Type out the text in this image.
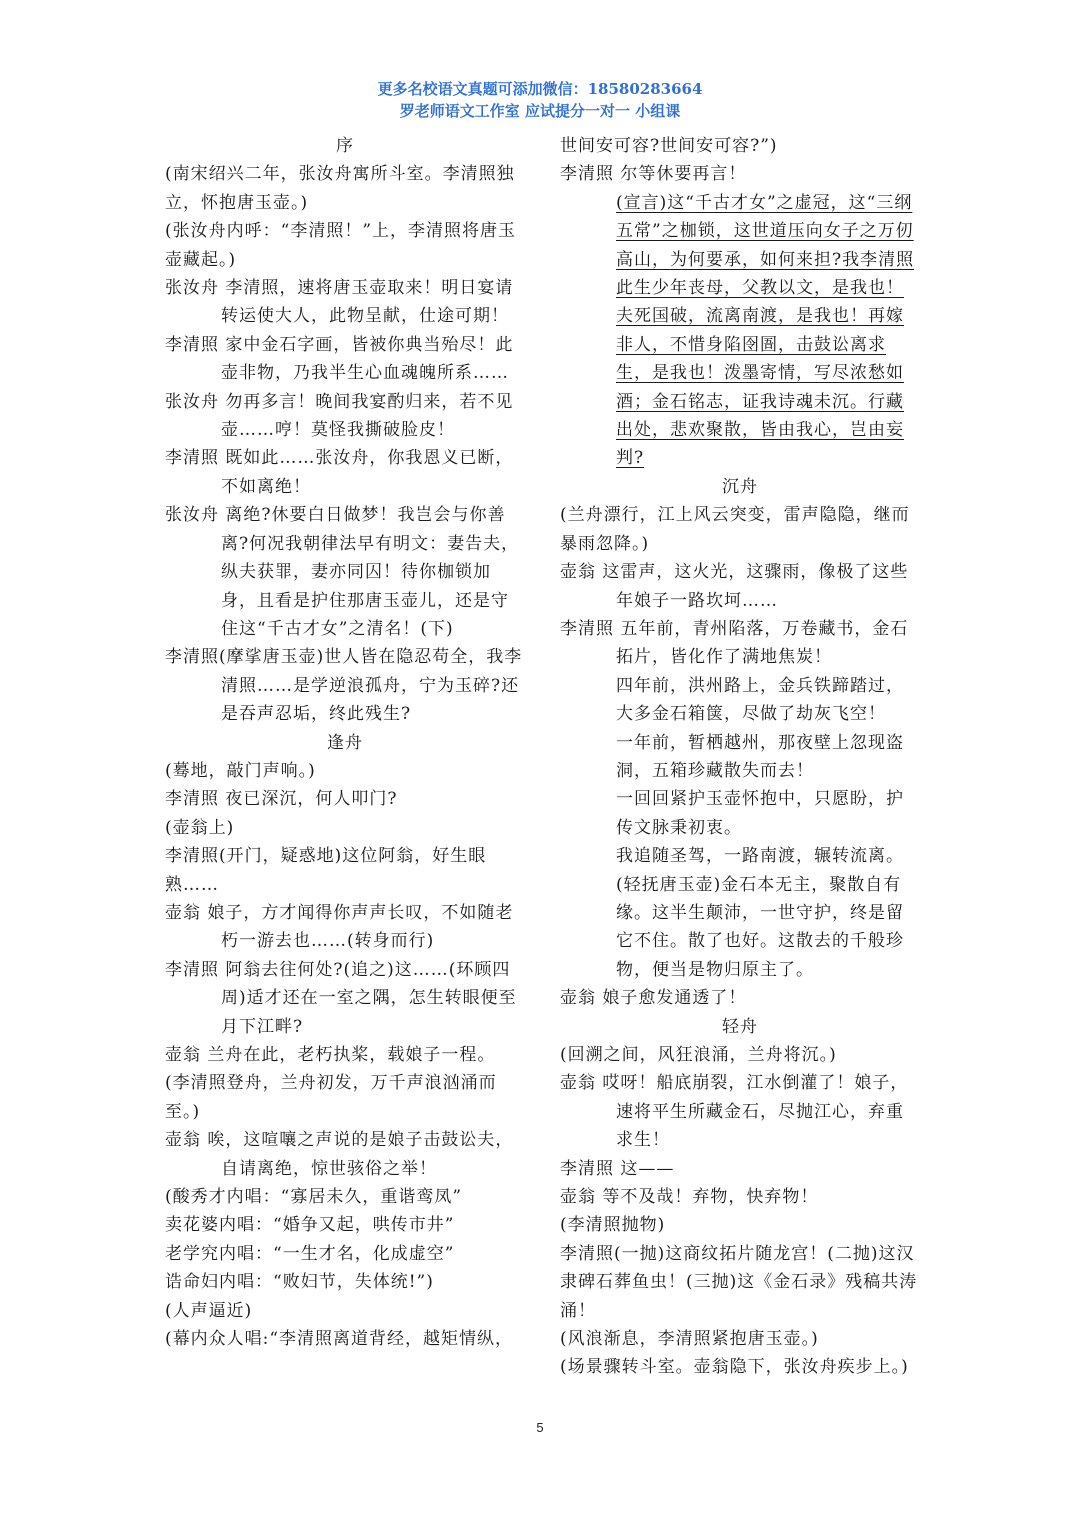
更多名校语文真题可添加微信：18580283664
罗老师语文工作室 应试提分一对一 小组课

序

(南宋绍兴二年，张汝舟寓所斗室。李清照独立，怀抱唐玉壶。)

(张汝舟内呼：“李清照！”上，李清照将唐玉壶藏起。)

张汝舟 李清照，速将唐玉壶取来！明日宴请转运使大人，此物呈献，仕途可期！

李清照 家中金石字画，皆被你典当殆尽！此壶非物，乃我半生心血魂魄所系……

张汝舟 勿再多言！晚间我宴酌归来，若不见壶……哼！莫怪我撕破脸皮！

李清照 既如此……张汝舟，你我恩义已断，不如离绝！

张汝舟 离绝?休要白日做梦！我岂会与你善离?何况我朝律法早有明文：妻告夫，纵夫获罪，妻亦同囚！待你枷锁加身，且看是护住那唐玉壶儿，还是守住这“千古才女”之清名！(下)

李清照(摩挲唐玉壶)世人皆在隐忍苟全，我李清照……是学逆浪孤舟，宁为玉碎?还是吞声忍垢，终此残生?

逢舟

(蓦地，敲门声响。)

李清照 夜已深沉，何人叩门?

(壶翁上)

李清照(开门，疑惑地)这位阿翁，好生眼熟……

壶翁 娘子，方才闻得你声声长叹，不如随老朽一游去也……(转身而行)

李清照 阿翁去往何处?(追之)这……(环顾四周)适才还在一室之隅，怎生转眼便至月下江畔?

壶翁 兰舟在此，老朽执桨，载娘子一程。

(李清照登舟，兰舟初发，万千声浪汹涌而至。)

壶翁 唉，这喧嚷之声说的是娘子击鼓讼夫，自请离绝，惊世骇俗之举！

(酸秀才内唱：“寡居未久，重谐鸾凤”

卖花婆内唱：“婚争又起，哄传市井”

老学究内唱：“一生才名，化成虚空”

诰命妇内唱：“败妇节，失体统!”)

(人声逼近)

(幕内众人唱:“李清照离道背经，越矩情纵，

世间安可容?世间安可容?”)

李清照 尔等休要再言！

(宣言)这“千古才女”之虚冠，这“三纲五常”之枷锁，这世道压向女子之万仞高山，为何要承，如何来担?我李清照此生少年丧母，父教以文，是我也！夫死国破，流离南渡，是我也！再嫁非人，不惜身陷囹圄，击鼓讼离求生，是我也！泼墨寄情，写尽浓愁如酒；金石铭志，证我诗魂未沉。行藏出处，悲欢聚散，皆由我心，岂由妄判?

沉舟

(兰舟漂行，江上风云突变，雷声隐隐，继而暴雨忽降。)

壶翁 这雷声，这火光，这骤雨，像极了这些年娘子一路坎坷……

李清照 五年前，青州陷落，万卷藏书，金石拓片，皆化作了满地焦炭！

四年前，洪州路上，金兵铁蹄踏过，大多金石箱箧，尽做了劫灰飞空！

一年前，暂栖越州，那夜壁上忽现盗洞，五箱珍藏散失而去！

一回回紧护玉壶怀抱中，只愿盼，护传文脉秉初衷。

我追随圣驾，一路南渡，辗转流离。(轻抚唐玉壶)金石本无主，聚散自有缘。这半生颠沛，一世守护，终是留它不住。散了也好。这散去的千般珍物，便当是物归原主了。

壶翁 娘子愈发通透了！

轻舟

(回溯之间，风狂浪涌，兰舟将沉。)

壶翁 哎呀！船底崩裂，江水倒灌了！娘子，速将平生所藏金石，尽抛江心，弃重求生！

李清照 这——

壶翁 等不及哉！弃物，快弃物！

(李清照抛物)

李清照(一抛)这商纹拓片随龙宫！(二抛)这汉隶碑石葬鱼虫！(三抛)这《金石录》残稿共涛涌！

(风浪渐息，李清照紧抱唐玉壶。)

(场景骤转斗室。壶翁隐下，张汝舟疾步上。)

5
